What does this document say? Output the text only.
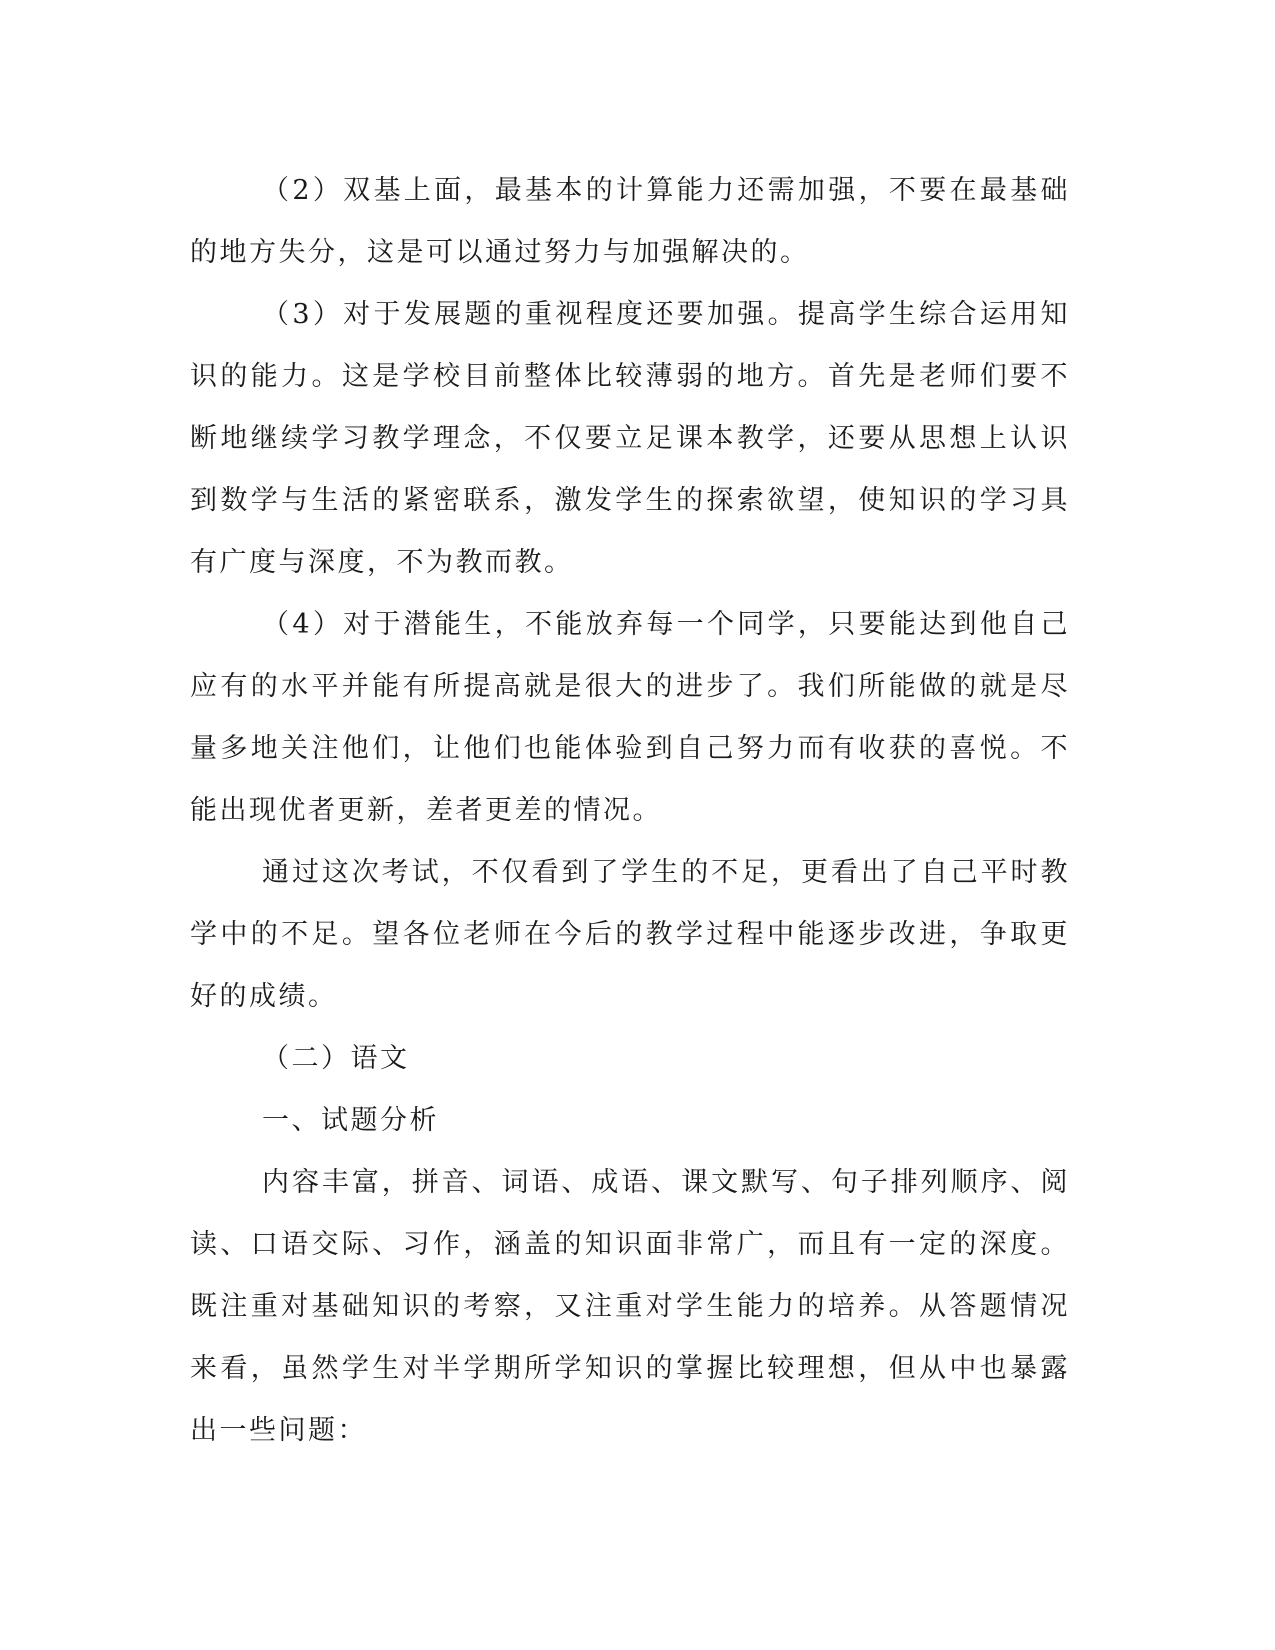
（2）双基上面，最基本的计算能力还需加强，不要在最基础的地方失分，这是可以通过努力与加强解决的。

（3）对于发展题的重视程度还要加强。提高学生综合运用知识的能力。这是学校目前整体比较薄弱的地方。首先是老师们要不断地继续学习教学理念，不仅要立足课本教学，还要从思想上认识到数学与生活的紧密联系，激发学生的探索欲望，使知识的学习具有广度与深度，不为教而教。

（4）对于潜能生，不能放弃每一个同学，只要能达到他自己应有的水平并能有所提高就是很大的进步了。我们所能做的就是尽量多地关注他们，让他们也能体验到自己努力而有收获的喜悦。不能出现优者更新，差者更差的情况。

通过这次考试，不仅看到了学生的不足，更看出了自己平时教学中的不足。望各位老师在今后的教学过程中能逐步改进，争取更好的成绩。

（二）语文

一、试题分析

内容丰富，拼音、词语、成语、课文默写、句子排列顺序、阅读、口语交际、习作，涵盖的知识面非常广，而且有一定的深度。既注重对基础知识的考察，又注重对学生能力的培养。从答题情况来看，虽然学生对半学期所学知识的掌握比较理想，但从中也暴露出一些问题：
